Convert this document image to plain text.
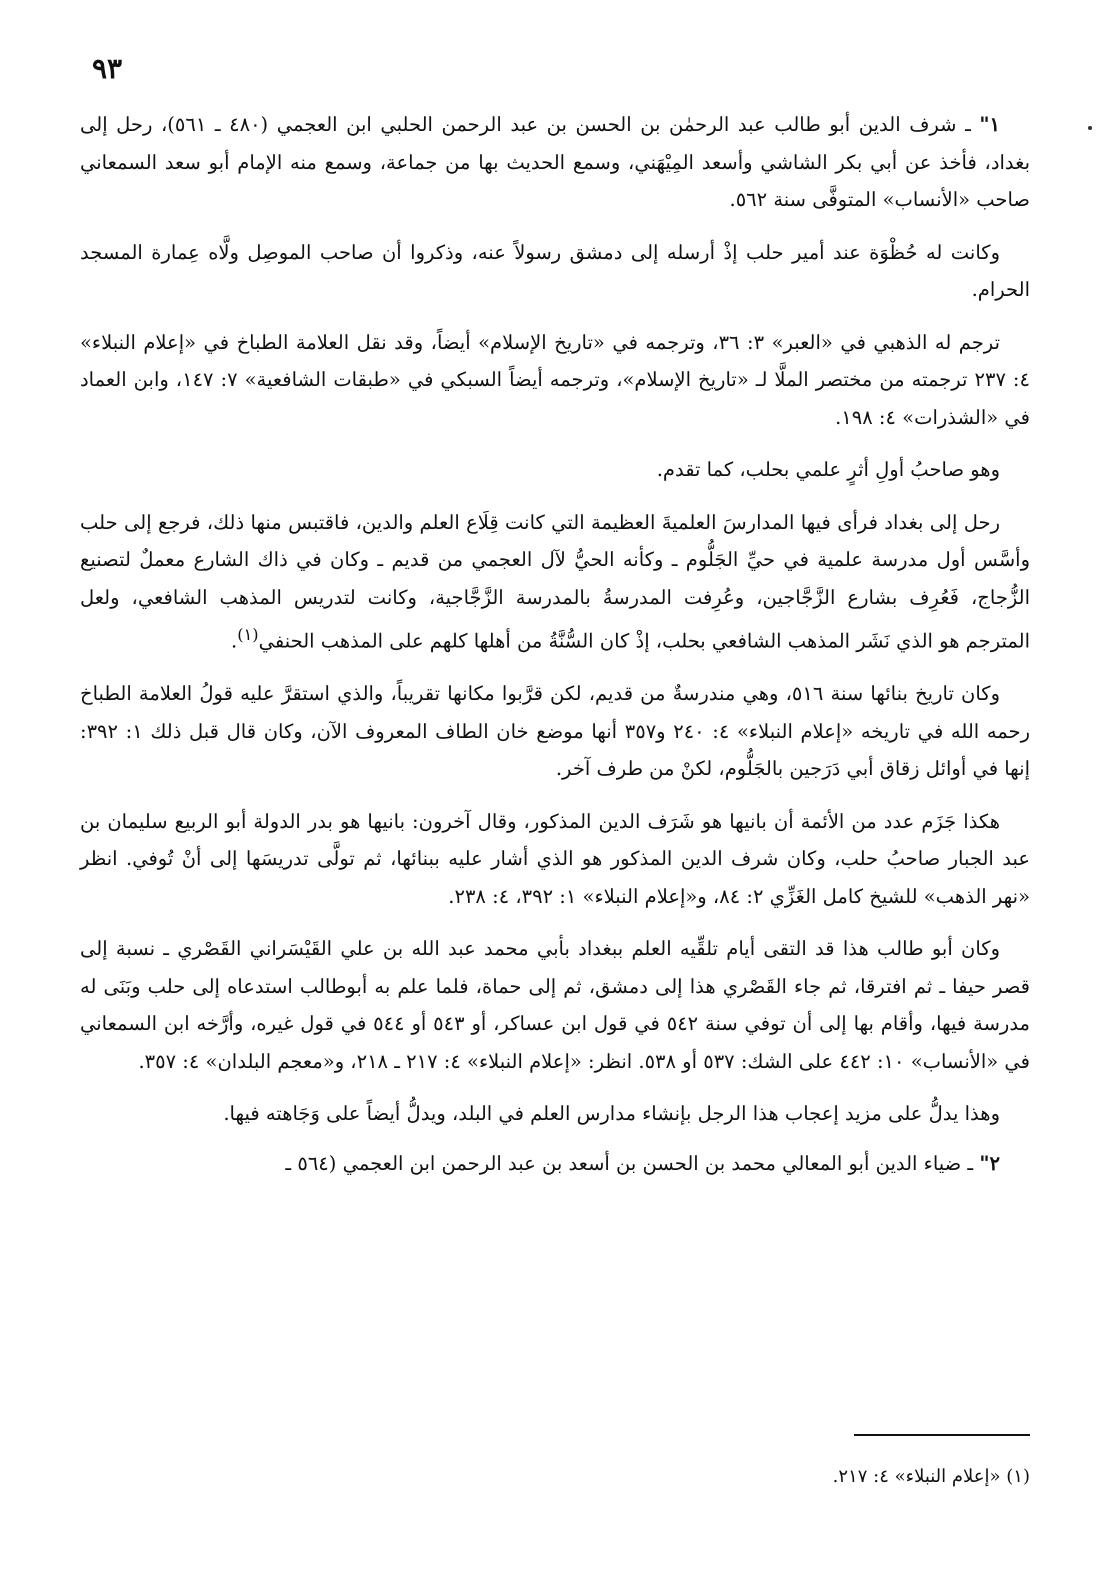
٩٣

١" ـ شرف الدين أبو طالب عبد الرحمٰن بن الحسن بن عبد الرحمن الحلبي ابن العجمي (٤٨٠ ـ ٥٦١)، رحل إلى بغداد، فأخذ عن أبي بكر الشاشي وأسعد المِيْهَني، وسمع الحديث بها من جماعة، وسمع منه الإمام أبو سعد السمعاني صاحب «الأنساب» المتوفَّى سنة ٥٦٢.

وكانت له حُظْوَة عند أمير حلب إذْ أرسله إلى دمشق رسولاً عنه، وذكروا أن صاحب الموصِل ولَّاه عِمارة المسجد الحرام.

ترجم له الذهبي في «العبر» ٣: ٣٦، وترجمه في «تاريخ الإسلام» أيضاً، وقد نقل العلامة الطباخ في «إعلام النبلاء» ٤: ٢٣٧ ترجمته من مختصر الملَّا لـ «تاريخ الإسلام»، وترجمه أيضاً السبكي في «طبقات الشافعية» ٧: ١٤٧، وابن العماد في «الشذرات» ٤: ١٩٨.

وهو صاحبُ أولِ أثرٍ علمي بحلب، كما تقدم.

رحل إلى بغداد فرأى فيها المدارسَ العلميةَ العظيمة التي كانت قِلَاع العلم والدين، فاقتبس منها ذلك، فرجع إلى حلب وأسَّس أول مدرسة علمية في حيِّ الجَلُّوم ـ وكأنه الحيُّ لآل العجمي من قديم ـ وكان في ذاك الشارع معملٌ لتصنيع الزُّجاج، فَعُرِف بشارع الزَّجَّاجين، وعُرِفت المدرسةُ بالمدرسة الزَّجَّاجية، وكانت لتدريس المذهب الشافعي، ولعل المترجم هو الذي نَشَر المذهب الشافعي بحلب، إذْ كان السُّنَّةُ من أهلها كلهم على المذهب الحنفي$^{(١)}$.

وكان تاريخ بنائها سنة ٥١٦، وهي مندرسةٌ من قديم، لكن قرَّبوا مكانها تقريباً، والذي استقرَّ عليه قولُ العلامة الطباخ رحمه الله في تاريخه «إعلام النبلاء» ٤: ٢٤٠ و٣٥٧ أنها موضع خان الطاف المعروف الآن، وكان قال قبل ذلك ١: ٣٩٢: إنها في أوائل زقاق أبي دَرَجين بالجَلُّوم، لكنْ من طرف آخر.

هكذا جَزَم عدد من الأئمة أن بانيها هو شَرَف الدين المذكور، وقال آخرون: بانيها هو بدر الدولة أبو الربيع سليمان بن عبد الجبار صاحبُ حلب، وكان شرف الدين المذكور هو الذي أشار عليه ببنائها، ثم تولَّى تدريسَها إلى أنْ تُوفي. انظر «نهر الذهب» للشيخ كامل الغَزِّي ٢: ٨٤، و«إعلام النبلاء» ١: ٣٩٢، ٤: ٢٣٨.

وكان أبو طالب هذا قد التقى أيام تلقِّيه العلم ببغداد بأبي محمد عبد الله بن علي القَيْسَراني القَصْري ـ نسبة إلى قصر حيفا ـ ثم افترقا، ثم جاء القَصْري هذا إلى دمشق، ثم إلى حماة، فلما علم به أبوطالب استدعاه إلى حلب وبَنَى له مدرسة فيها، وأقام بها إلى أن توفي سنة ٥٤٢ في قول ابن عساكر، أو ٥٤٣ أو ٥٤٤ في قول غيره، وأرَّخه ابن السمعاني في «الأنساب» ١٠: ٤٤٢ على الشك: ٥٣٧ أو ٥٣٨. انظر: «إعلام النبلاء» ٤: ٢١٧ ـ ٢١٨، و«معجم البلدان» ٤: ٣٥٧.

وهذا يدلُّ على مزيد إعجاب هذا الرجل بإنشاء مدارس العلم في البلد، ويدلُّ أيضاً على وَجَاهته فيها.

٢" ـ ضياء الدين أبو المعالي محمد بن الحسن بن أسعد بن عبد الرحمن ابن العجمي (٥٦٤ ـ

(١) «إعلام النبلاء» ٤: ٢١٧.
